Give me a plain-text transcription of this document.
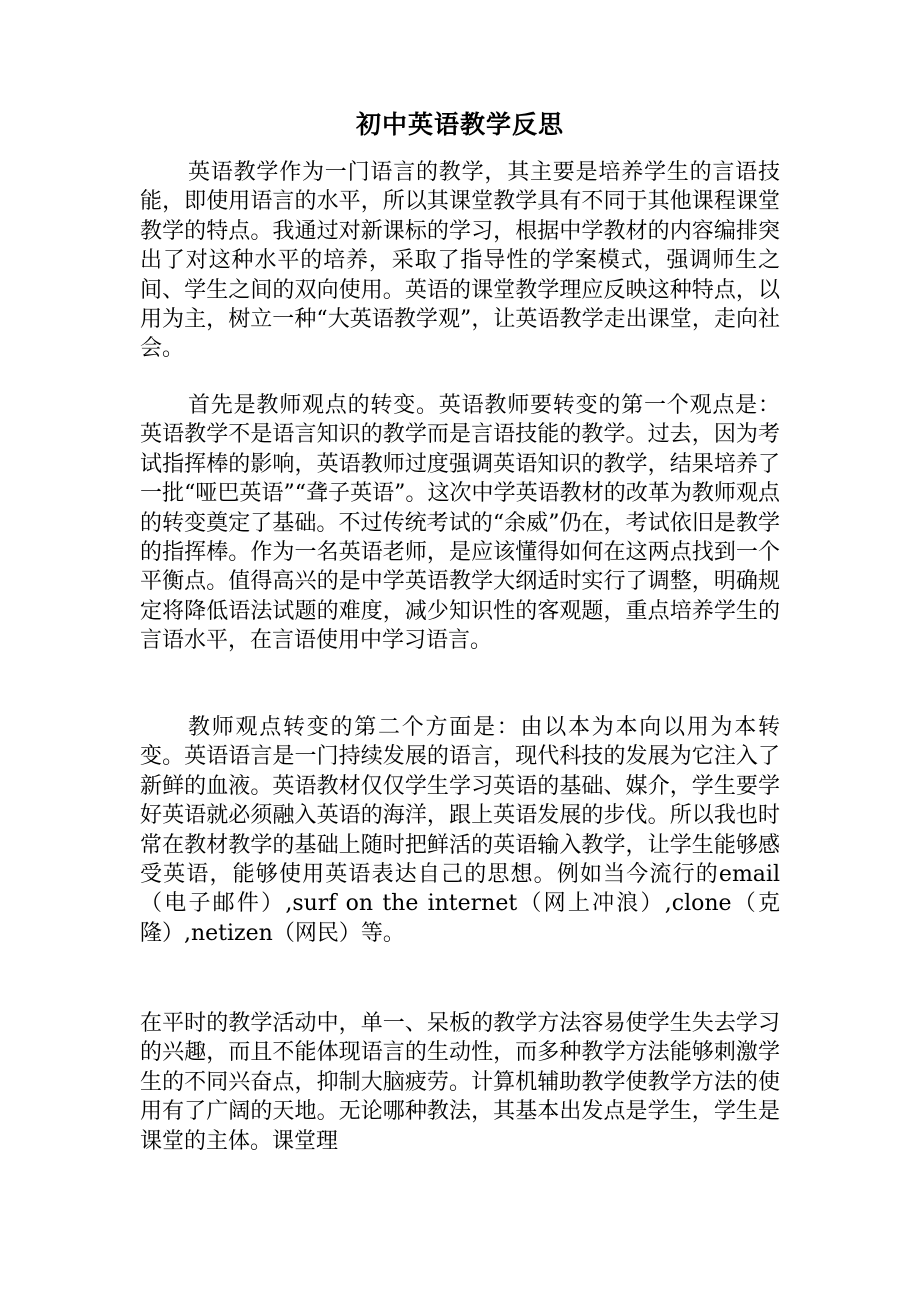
初中英语教学反思
英语教学作为一门语言的教学，其主要是培养学生的言语技能，即使用语言的水平，所以其课堂教学具有不同于其他课程课堂教学的特点。我通过对新课标的学习，根据中学教材的内容编排突出了对这种水平的培养，采取了指导性的学案模式，强调师生之间、学生之间的双向使用。英语的课堂教学理应反映这种特点，以用为主，树立一种“大英语教学观”，让英语教学走出课堂，走向社会。
首先是教师观点的转变。英语教师要转变的第一个观点是：英语教学不是语言知识的教学而是言语技能的教学。过去，因为考试指挥棒的影响，英语教师过度强调英语知识的教学，结果培养了一批“哑巴英语”“聋子英语”。这次中学英语教材的改革为教师观点的转变奠定了基础。不过传统考试的“余威”仍在，考试依旧是教学的指挥棒。作为一名英语老师，是应该懂得如何在这两点找到一个平衡点。值得高兴的是中学英语教学大纲适时实行了调整，明确规定将降低语法试题的难度，减少知识性的客观题，重点培养学生的言语水平，在言语使用中学习语言。
教师观点转变的第二个方面是：由以本为本向以用为本转变。英语语言是一门持续发展的语言，现代科技的发展为它注入了新鲜的血液。英语教材仅仅学生学习英语的基础、媒介，学生要学好英语就必须融入英语的海洋，跟上英语发展的步伐。所以我也时常在教材教学的基础上随时把鲜活的英语输入教学，让学生能够感受英语，能够使用英语表达自己的思想。例如当今流行的email（电子邮件）,surf on the internet（网上冲浪）,clone（克隆）,netizen（网民）等。
在平时的教学活动中，单一、呆板的教学方法容易使学生失去学习的兴趣，而且不能体现语言的生动性，而多种教学方法能够刺激学生的不同兴奋点，抑制大脑疲劳。计算机辅助教学使教学方法的使用有了广阔的天地。无论哪种教法，其基本出发点是学生，学生是课堂的主体。课堂理
